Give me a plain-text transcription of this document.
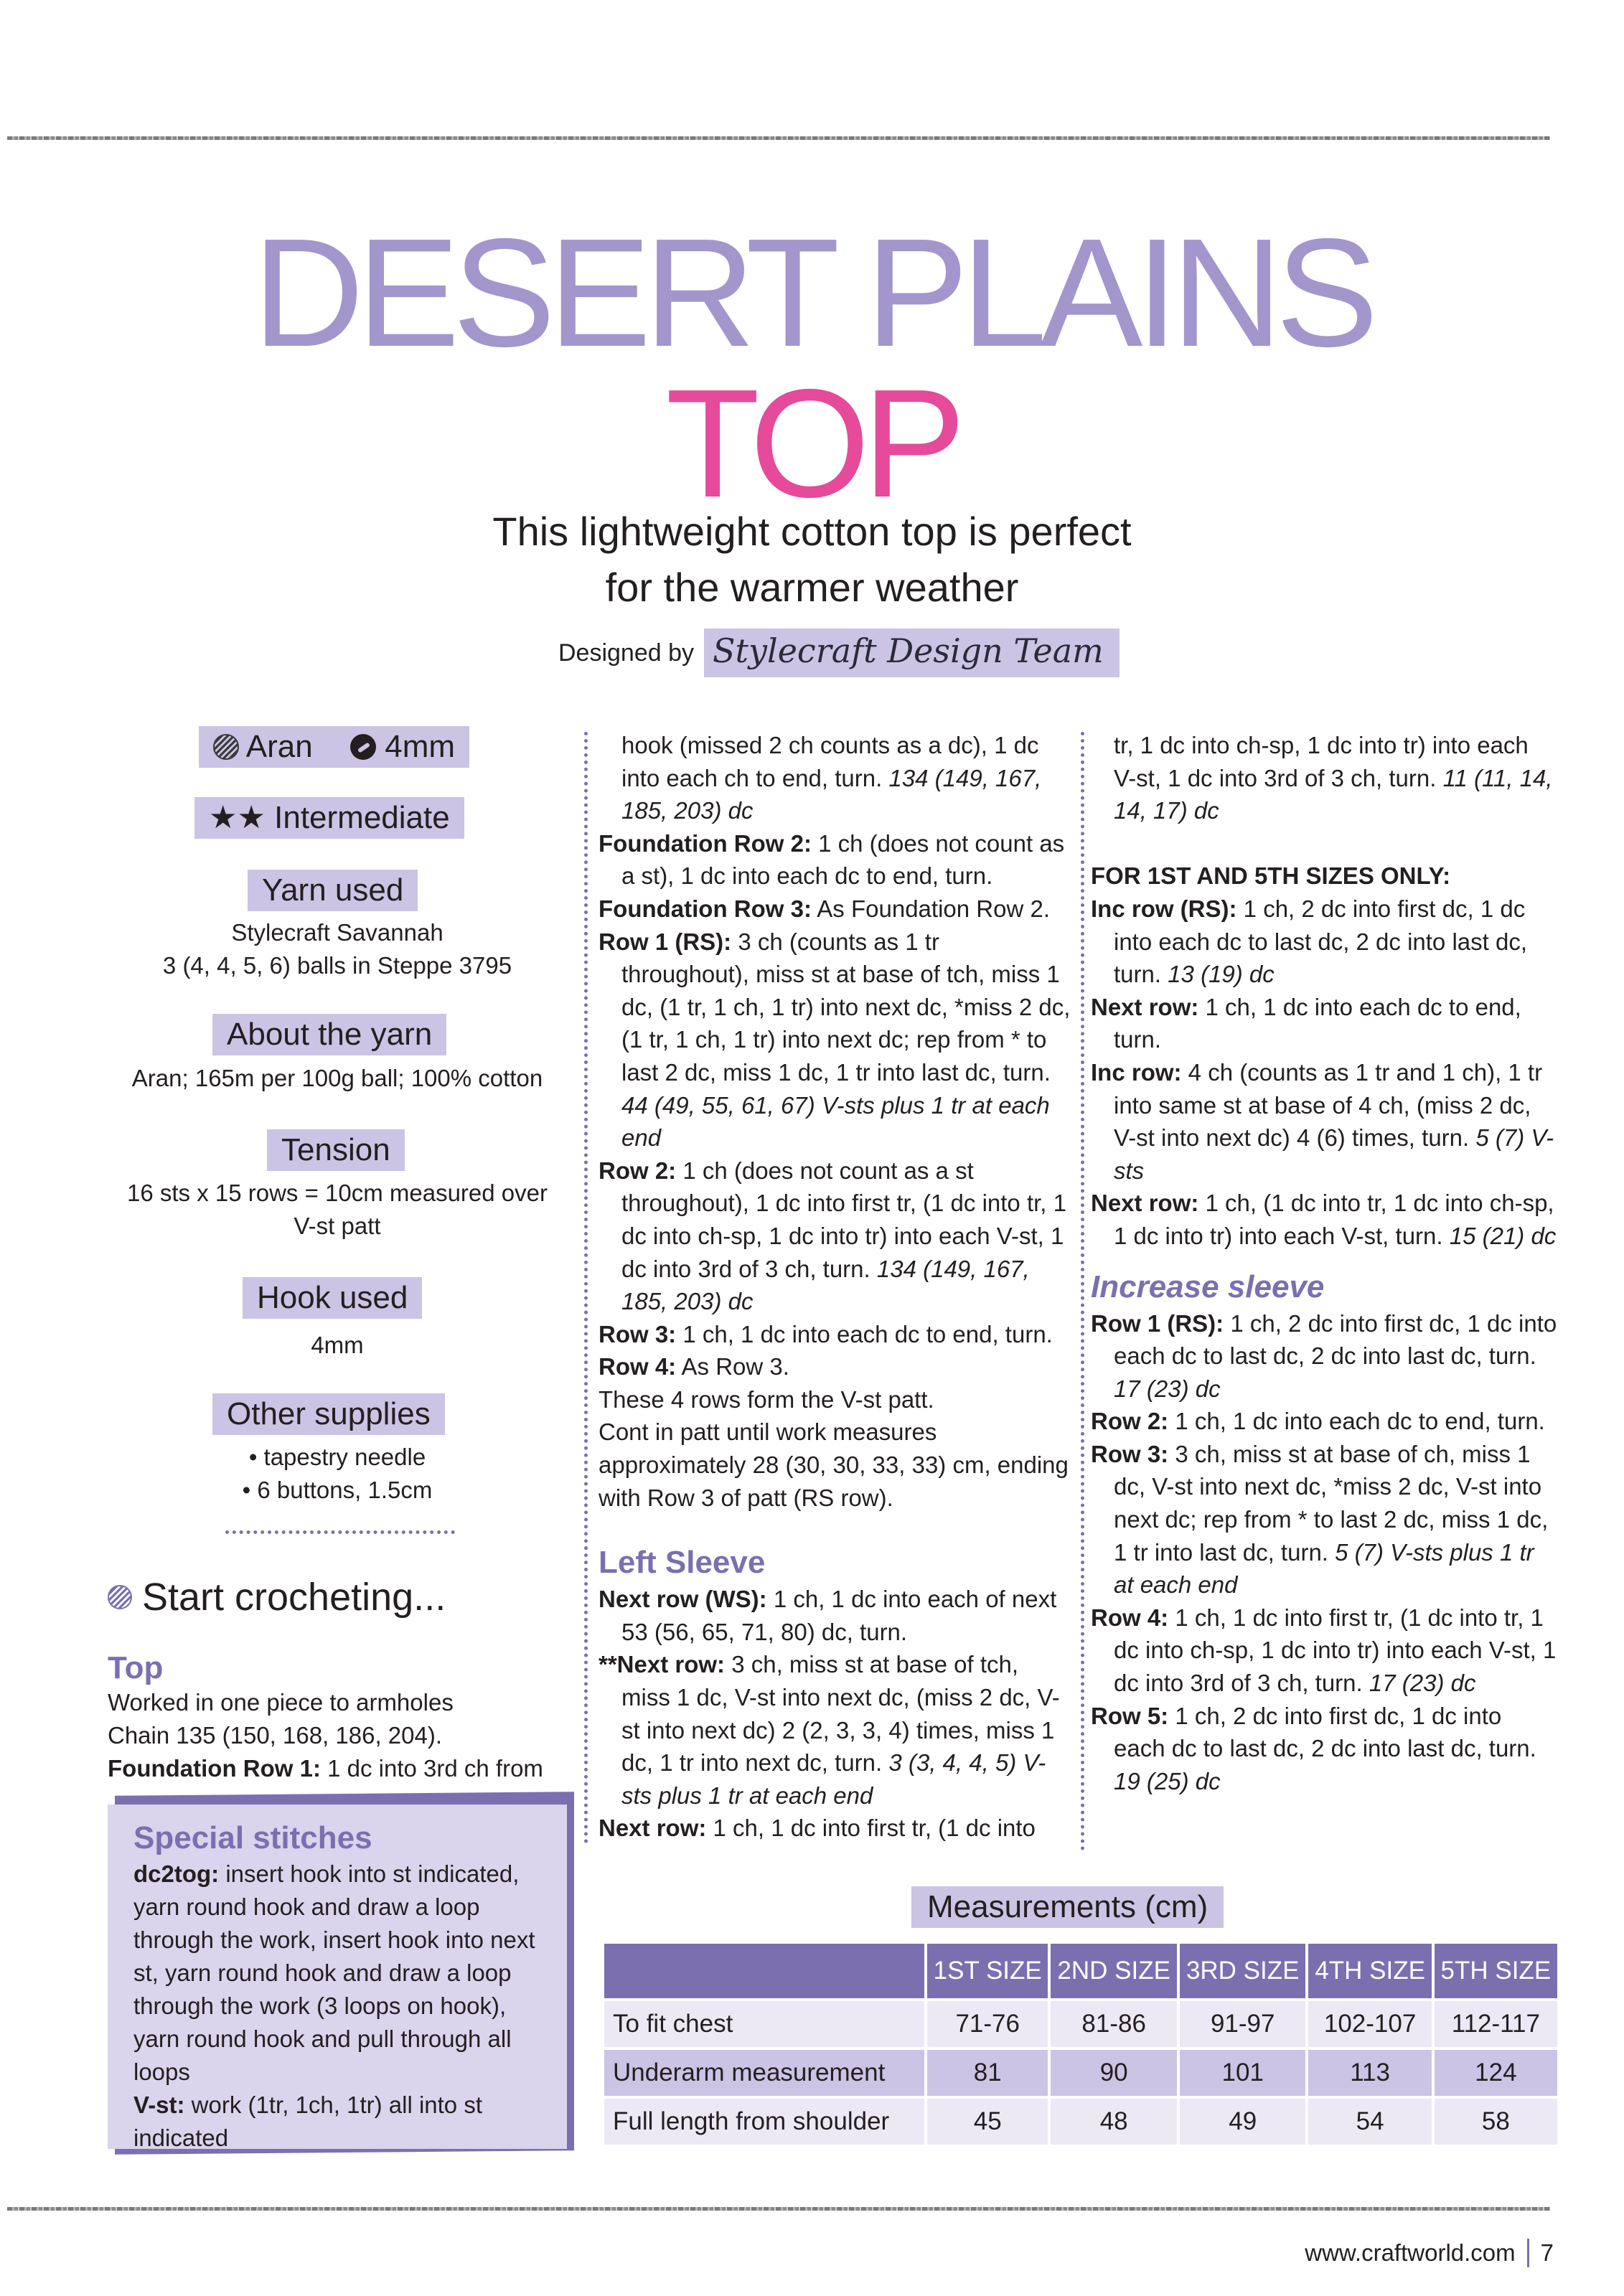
DESERT PLAINS
TOP
This lightweight cotton top is perfect
for the warmer weather
Designed by Stylecraft Design Team
Aran 4mm
★★ Intermediate
Yarn used
Stylecraft Savannah
3 (4, 4, 5, 6) balls in Steppe 3795
About the yarn
Aran; 165m per 100g ball; 100% cotton
Tension
16 sts x 15 rows = 10cm measured over
V-st patt
Hook used
4mm
Other supplies
• tapestry needle
• 6 buttons, 1.5cm
Start crocheting...
Top
Worked in one piece to armholes
Chain 135 (150, 168, 186, 204).
Foundation Row 1: 1 dc into 3rd ch from
Special stitches
dc2tog: insert hook into st indicated, yarn round hook and draw a loop through the work, insert hook into next st, yarn round hook and draw a loop through the work (3 loops on hook), yarn round hook and pull through all loops
V-st: work (1tr, 1ch, 1tr) all into st indicated

hook (missed 2 ch counts as a dc), 1 dc into each ch to end, turn. 134 (149, 167, 185, 203) dc

Foundation Row 2: 1 ch (does not count as a st), 1 dc into each dc to end, turn.

Foundation Row 3: As Foundation Row 2.

Row 1 (RS): 3 ch (counts as 1 tr throughout), miss st at base of tch, miss 1 dc, (1 tr, 1 ch, 1 tr) into next dc, *miss 2 dc, (1 tr, 1 ch, 1 tr) into next dc; rep from * to last 2 dc, miss 1 dc, 1 tr into last dc, turn. 44 (49, 55, 61, 67) V-sts plus 1 tr at each end

Row 2: 1 ch (does not count as a st throughout), 1 dc into first tr, (1 dc into tr, 1 dc into ch-sp, 1 dc into tr) into each V-st, 1 dc into 3rd of 3 ch, turn. 134 (149, 167, 185, 203) dc

Row 3: 1 ch, 1 dc into each dc to end, turn.

Row 4: As Row 3.

These 4 rows form the V-st patt.

Cont in patt until work measures approximately 28 (30, 30, 33, 33) cm, ending with Row 3 of patt (RS row).

Left Sleeve

Next row (WS): 1 ch, 1 dc into each of next 53 (56, 65, 71, 80) dc, turn.

**Next row: 3 ch, miss st at base of tch, miss 1 dc, V-st into next dc, (miss 2 dc, V-st into next dc) 2 (2, 3, 3, 4) times, miss 1 dc, 1 tr into next dc, turn. 3 (3, 4, 4, 5) V-sts plus 1 tr at each end

Next row: 1 ch, 1 dc into first tr, (1 dc into

tr, 1 dc into ch-sp, 1 dc into tr) into each V-st, 1 dc into 3rd of 3 ch, turn. 11 (11, 14, 14, 17) dc

FOR 1ST AND 5TH SIZES ONLY:

Inc row (RS): 1 ch, 2 dc into first dc, 1 dc into each dc to last dc, 2 dc into last dc, turn. 13 (19) dc

Next row: 1 ch, 1 dc into each dc to end, turn.

Inc row: 4 ch (counts as 1 tr and 1 ch), 1 tr into same st at base of 4 ch, (miss 2 dc, V-st into next dc) 4 (6) times, turn. 5 (7) V-sts

Next row: 1 ch, (1 dc into tr, 1 dc into ch-sp, 1 dc into tr) into each V-st, turn. 15 (21) dc

Increase sleeve

Row 1 (RS): 1 ch, 2 dc into first dc, 1 dc into each dc to last dc, 2 dc into last dc, turn. 17 (23) dc

Row 2: 1 ch, 1 dc into each dc to end, turn.

Row 3: 3 ch, miss st at base of ch, miss 1 dc, V-st into next dc, *miss 2 dc, V-st into next dc; rep from * to last 2 dc, miss 1 dc, 1 tr into last dc, turn. 5 (7) V-sts plus 1 tr at each end

Row 4: 1 ch, 1 dc into first tr, (1 dc into tr, 1 dc into ch-sp, 1 dc into tr) into each V-st, 1 dc into 3rd of 3 ch, turn. 17 (23) dc

Row 5: 1 ch, 2 dc into first dc, 1 dc into each dc to last dc, 2 dc into last dc, turn. 19 (25) dc

Measurements (cm)
	1ST SIZE	2ND SIZE	3RD SIZE	4TH SIZE	5TH SIZE
To fit chest	71-76	81-86	91-97	102-107	112-117
Underarm measurement	81	90	101	113	124
Full length from shoulder	45	48	49	54	58
www.craftworld.com 7
